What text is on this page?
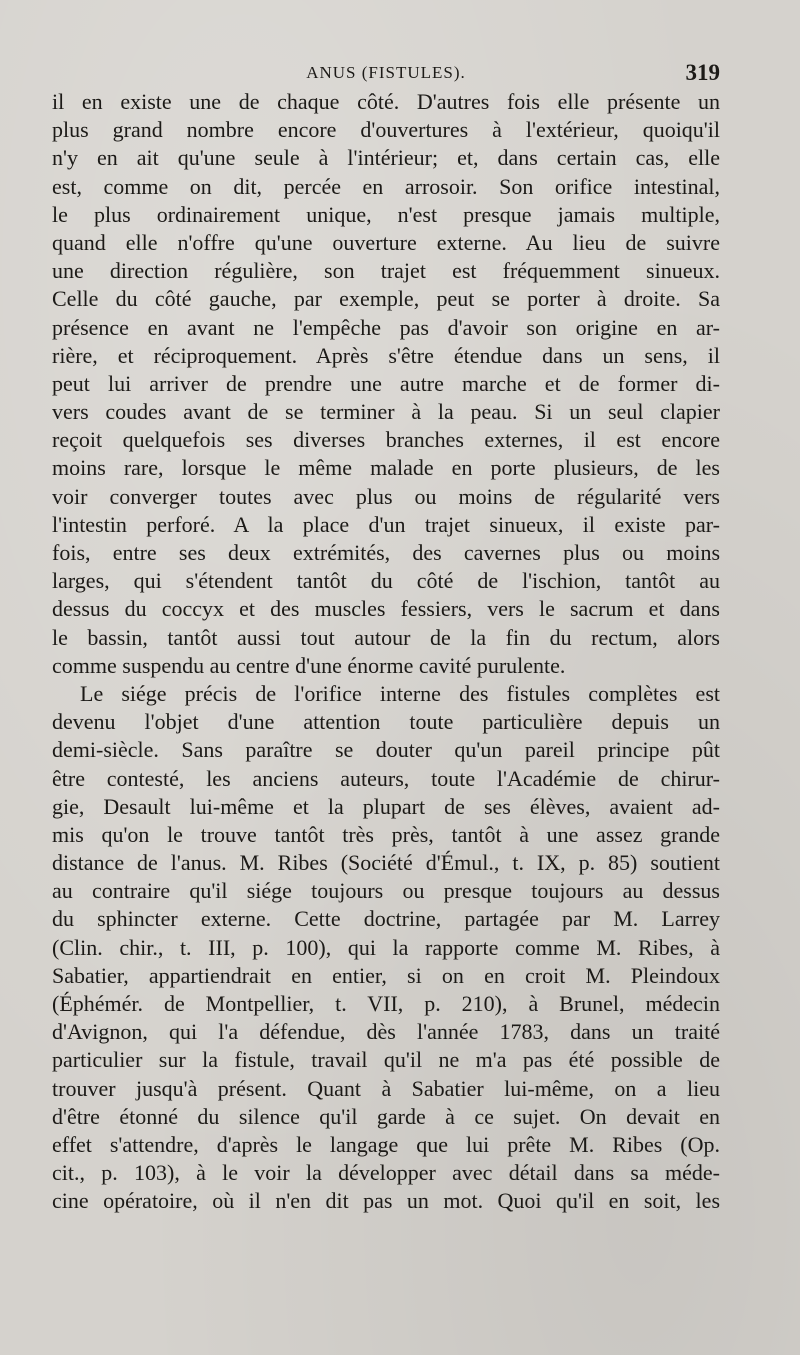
ANUS (FISTULES).	319
il en existe une de chaque côté. D'autres fois elle présente un
plus grand nombre encore d'ouvertures à l'extérieur, quoiqu'il
n'y en ait qu'une seule à l'intérieur; et, dans certain cas, elle
est, comme on dit, percée en arrosoir. Son orifice intestinal,
le plus ordinairement unique, n'est presque jamais multiple,
quand elle n'offre qu'une ouverture externe. Au lieu de suivre
une direction régulière, son trajet est fréquemment sinueux.
Celle du côté gauche, par exemple, peut se porter à droite. Sa
présence en avant ne l'empêche pas d'avoir son origine en ar-
rière, et réciproquement. Après s'être étendue dans un sens, il
peut lui arriver de prendre une autre marche et de former di-
vers coudes avant de se terminer à la peau. Si un seul clapier
reçoit quelquefois ses diverses branches externes, il est encore
moins rare, lorsque le même malade en porte plusieurs, de les
voir converger toutes avec plus ou moins de régularité vers
l'intestin perforé. A la place d'un trajet sinueux, il existe par-
fois, entre ses deux extrémités, des cavernes plus ou moins
larges, qui s'étendent tantôt du côté de l'ischion, tantôt au
dessus du coccyx et des muscles fessiers, vers le sacrum et dans
le bassin, tantôt aussi tout autour de la fin du rectum, alors
comme suspendu au centre d'une énorme cavité purulente.
Le siége précis de l'orifice interne des fistules complètes est
devenu l'objet d'une attention toute particulière depuis un
demi-siècle. Sans paraître se douter qu'un pareil principe pût
être contesté, les anciens auteurs, toute l'Académie de chirur-
gie, Desault lui-même et la plupart de ses élèves, avaient ad-
mis qu'on le trouve tantôt très près, tantôt à une assez grande
distance de l'anus. M. Ribes (Société d'Émul., t. IX, p. 85) soutient
au contraire qu'il siége toujours ou presque toujours au dessus
du sphincter externe. Cette doctrine, partagée par M. Larrey
(Clin. chir., t. III, p. 100), qui la rapporte comme M. Ribes, à
Sabatier, appartiendrait en entier, si on en croit M. Pleindoux
(Éphémér. de Montpellier, t. VII, p. 210), à Brunel, médecin
d'Avignon, qui l'a défendue, dès l'année 1783, dans un traité
particulier sur la fistule, travail qu'il ne m'a pas été possible de
trouver jusqu'à présent. Quant à Sabatier lui-même, on a lieu
d'être étonné du silence qu'il garde à ce sujet. On devait en
effet s'attendre, d'après le langage que lui prête M. Ribes (Op.
cit., p. 103), à le voir la développer avec détail dans sa méde-
cine opératoire, où il n'en dit pas un mot. Quoi qu'il en soit, les
